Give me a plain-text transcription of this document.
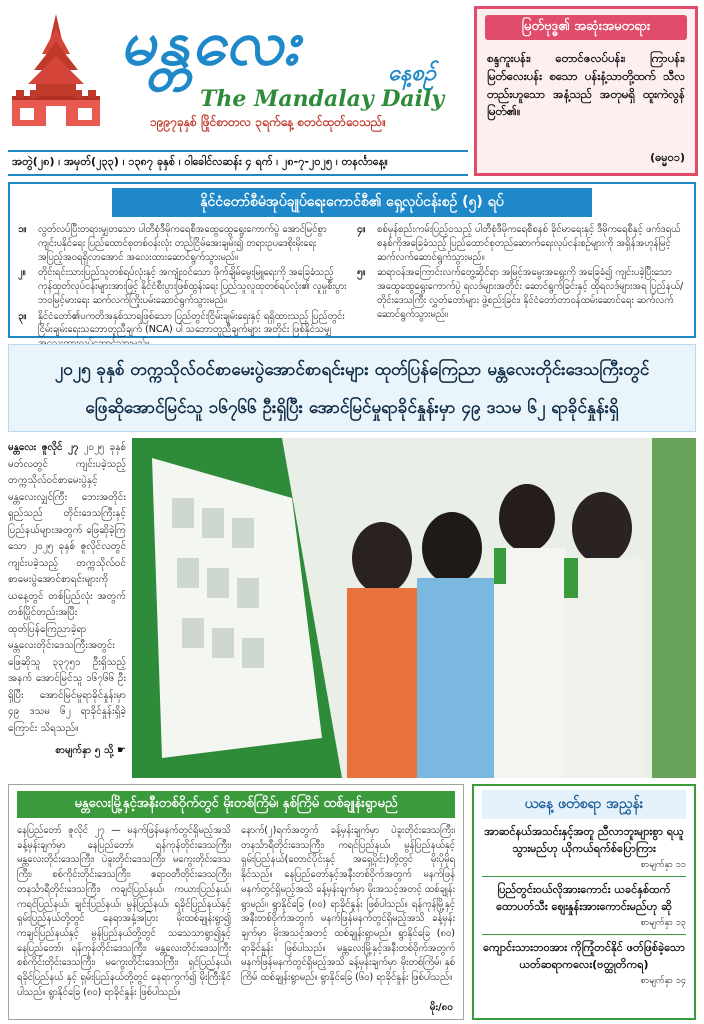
မန္တလေး	နေ့စဉ်
The Mandalay Daily
၁၉၉၇ခုနှစ် ဖြိုင်စာတလ ၃ရက်နေ့ စတင်ထုတ်ဝေသည်။
အတွဲ(၂၈) ၊ အမှတ်(၂၃၃) ၊ ၁၃၈၇ ခုနှစ် ၊ ဝါခေါင်လဆန်း ၄ ရက် ၊ ၂၈-၇-၂၀၂၅ ၊ တနင်္လာနေ့။
မြတ်ဗုဒ္ဓ၏ အဆုံးအမတရား
စန္ဒကူးပန်း၊ တောင်ဇလပ်ပန်း၊ ကြာပန်း၊ မြတ်လေးပန်း စသော ပန်းနံ့သာတို့ထက် သီလတည်းဟူသော အနံ့သည် အတုမရှိ ထူးကဲလွန်မြတ်၏။
(ဓမ္မ၀၁)
နိုင်ငံတော်စီမံအုပ်ချုပ်ရေးကောင်စီ၏ ရှေ့လုပ်ငန်းစဉ် (၅) ရပ်
၁။	လွတ်လပ်ပြီးတရားမျှတသော ပါတီစုံဒီမိုကရေစီအထွေထွေရွေးကောက်ပွဲ အောင်မြင်စွာ ကျင်းပနိုင်ရေး ပြည်ထောင်စုတစ်ဝန်းလုံး တည်ငြိမ်အေးချမ်း၍ တရားဥပဒေစိုးမိုးရေး အပြည့်အဝရရှိလာအောင် အလေးထားဆောင်ရွက်သွားမည်။
၂။	တိုင်းရင်းသားပြည်သူတစ်ရပ်လုံးနှင့် အကျုံးဝင်သော ဖိုက်ချိမ်မွေးမြူရေးကို အခြေခံသည့် ကုန်ထုတ်လုပ်ငန်းများအားဖြင့် နိုင်ငံစီးပွားဖြစ်ထွန်းရေး ပြည်သူလူထုတစ်ရပ်လုံး၏ လူမှုစီးပွားဘဝမြင့်မားရေး ဆက်လက်ကြိုးပမ်းဆောင်ရွက်သွားမည်။
၃။	နိုင်ငံတော်၏ပကတိအနှစ်သာရဖြစ်သော ပြည်တွင်းငြိမ်းချမ်းရေးနှင့် ရရှိထားသည့် ပြည်တွင်းငြိမ်းချမ်းရေးသဘောတူညီချက် (NCA) ပါ သဘောတူညီချက်များ အတိုင်း ဖြစ်နိုင်သမျှ
၄။	စစ်မှန်စည်းကမ်းပြည့်ဝသည့် ပါတီစုံဒီမိုကရေစီစနစ် ခိုင်မာရေးနှင့် ဒီမိုကရေစီနှင့် ဖက်ဒရယ်စနစ်ကိုအခြေခံသည့် ပြည်ထောင်စုတည်ဆောက်ရေးလုပ်ငန်းစဉ်များကို အရှိန်အဟုန်မြင့် ဆက်လက်ဆောင်ရွက်သွားမည်။
၅။	ဆရာဝန်အကြောင်းလက်တွေ့ဆိုင်ရာ အမြင့်အမွေးအရွေးကို အခြေခံ၍ ကျင်းပခဲ့ပြီးသော အထွေထွေရွေးကောက်ပွဲ ရလဒ်များအတိုင်း ဆောင်ရွက်ခြင်းနှင့် ထိုရလဒ်များအရ ပြည်နယ်/တိုင်းဒေသကြီး လွှတ်တော်များ ဖွဲ့စည်းခြင်း၊ နိုင်ငံတော်တာဝန်ထမ်းဆောင်ရေး ဆက်လက်ဆောင်ရွက်သွားမည်။
၂၀၂၅ ခုနှစ် တက္ကသိုလ်ဝင်စာမေးပွဲအောင်စာရင်းများ ထုတ်ပြန်ကြေညာ မန္တလေးတိုင်းဒေသကြီးတွင်
ဖြေဆိုအောင်မြင်သူ ၁၆၇၆၆ ဦးရှိပြီး အောင်မြင်မှုရာခိုင်နှုန်းမှာ ၄၉ ဒသမ ၆၂ ရာခိုင်နှုန်းရှိ
မန္တလေး ဇူလိုင် ၂၇ ၂၀၂၅ ခုနှစ် မတ်လတွင် ကျင်းပခဲ့သည့် တက္ကသိုလ်ဝင်စာမေးပွဲနှင့် မန္တလေးလျှင်ကြီး ဘေးအတိုင်းရှည်သည် တိုင်းဒေသကြီးနှင့် ပြည်နယ်များအတွက် ဖြေဆိုခဲ့ကြသော ၂၀၂၅ ခုနှစ် ဇူလိုင်လတွင် ကျင်းပခဲ့သည့် တက္ကသိုလ်ဝင်စာမေးပွဲအောင်စာရင်းများကို ယနေ့တွင် တစ်ပြည်လုံး အတွက် တစ်ပြိုင်တည်းအပြီး ထုတ်ပြန်ကြေညာခဲ့ရာ မန္တလေးတိုင်းဒေသကြီးအတွင်း ဖြေဆိုသူ ၃၃၇၅၁ ဦးရှိသည့်အနက် အောင်မြင်သူ ၁၆၇၆၆ ဦးရှိပြီး အောင်မြင်မှုရာခိုင်နှုန်းမှာ ၄၉ ဒသမ ၆၂ ရာခိုင်နှုန်းရှိခဲ့ကြောင်း သိရသည်။
စာမျက်နှာ ၅ သို့ ☛
မန္တလေးမြို့နှင့်အနီးတစ်ဝိုက်တွင် မိုးတစ်ကြိမ်၊ နှစ်ကြိမ် ထစ်ချုန်းရွာမည်
နေပြည်တော် ဇူလိုင် ၂၇ — မနက်ဖြန်မနက်တွင်ရှိမည့်အသိ ခန့်မှန်းချက်မှာ နေပြည်တော်၊ ရန်ကုန်တိုင်းဒေသကြီး၊ မန္တလေးတိုင်းဒေသကြီး၊ ပဲခူးတိုင်းဒေသကြီး၊ မကွေးတိုင်းဒေသကြီး၊ စစ်ကိုင်းတိုင်းဒေသကြီး၊ ဧရာဝတီတိုင်းဒေသကြီး၊ တနင်္သာရီတိုင်းဒေသကြီး၊ ကချင်ပြည်နယ်၊ ကယားပြည်နယ်၊ ကရင်ပြည်နယ်၊ ချင်းပြည်နယ်၊ မွန်ပြည်နယ်၊ ရခိုင်ပြည်နယ်နှင့် ရှမ်းပြည်နယ်တို့တွင် နေရာအနှံ့အပြား မိုးထစ်ချုန်းရွာ၍ ကချင်ပြည်နယ်နှင့် မွန်ပြည်နယ်တို့တွင် သသေသာရွာ၍နှင့် နေပြည်တော်၊ ရန်ကုန်တိုင်းဒေသကြီး၊ မန္တလေးတိုင်းဒေသကြီး စစ်ကိုင်းတိုင်းဒေသကြီး၊ မကွေးတိုင်းဒေသကြီး၊ ရှင်ပြည်နယ်၊ ရခိုင်ပြည်နယ် နှင့် ရှမ်းပြည်နယ်တို့တွင် နေရာကွက်၍ မိုးကြီးနိုင်ပါသည်။ ရွာနိုင်ခြေ (၈၀) ရာခိုင်နှုန်း ဖြစ်ပါသည်။
နောက်(၂)ရက်အတွက် ခန့်မှန်းချက်မှာ ပဲခူးတိုင်းဒေသကြီး၊ တနင်္သာရီတိုင်းဒေသကြီး၊ ကရင်ပြည်နယ်၊ မွန်ပြည်နယ်နှင့် ရှမ်းပြည်နယ်(တောင်ပိုင်းနှင့် အရှေ့ပိုင်း)တို့တွင် မိုးပိုမိုရနိုင်သည်။ နေပြည်တော်နှင့်အနီးတစ်ဝိုက်အတွက် မနက်ဖြန်မနက်တွင်ရှိမည့်အသိ ခန့်မှန်းချက်မှာ မိုးအသင့်အတင့် ထစ်ချုန်းရွာမည်။ ရွာနိုင်ခြေ (၈၀) ရာခိုင်နှုန်း ဖြစ်ပါသည်။ ရန်ကုန်မြို့နှင့်အနီးတစ်ဝိုက်အတွက် မနက်ဖြန်မနက်တွင်ရှိမည့်အသိ ခန့်မှန်းချက်မှာ မိုးအသင့်အတင့် ထစ်ချုန်းရွာမည်။ ရွာနိုင်ခြေ (၈၀) ရာခိုင်နှုန်း ဖြစ်ပါသည်။ မန္တလေးမြို့နှင့်အနီးတစ်ဝိုက်အတွက် မနက်ဖြန်မနက်တွင်ရှိမည့်အသိ ခန့်မှန်းချက်မှာ မိုးတစ်ကြိမ်၊ နှစ်ကြိမ် ထစ်ချုန်းရွာမည်။ ရွာနိုင်ခြေ (၆၀) ရာခိုင်နှုန်း ဖြစ်ပါသည်။
မိုး/၈၀
ယနေ့ ဖတ်စရာ အညွှန်း
အာဆင်နယ်အသင်းနှင့်အတူ ညီလာဘူးများစွာ ရယူသွားမည်ဟု ယိုကယ်ရက်စ်ပြောကြား
စာမျက်နှာ ၁၁
ပြည်တွင်းဝယ်လိုအားကောင်း ယခင်နှစ်ထက် ထောပတ်သီး ဈေးနှုန်းအားကောင်းမည်ဟု ဆို
စာမျက်နှာ ၁၃
ကျောင်းသားဘဝအား ကိုကြုံတင်နိုင် ဖတ်ဖြစ်ခဲ့သော ယတ်ဆရာကလေး(ဗတ္ထုတိကရ)
စာမျက်နှာ ၁၄
